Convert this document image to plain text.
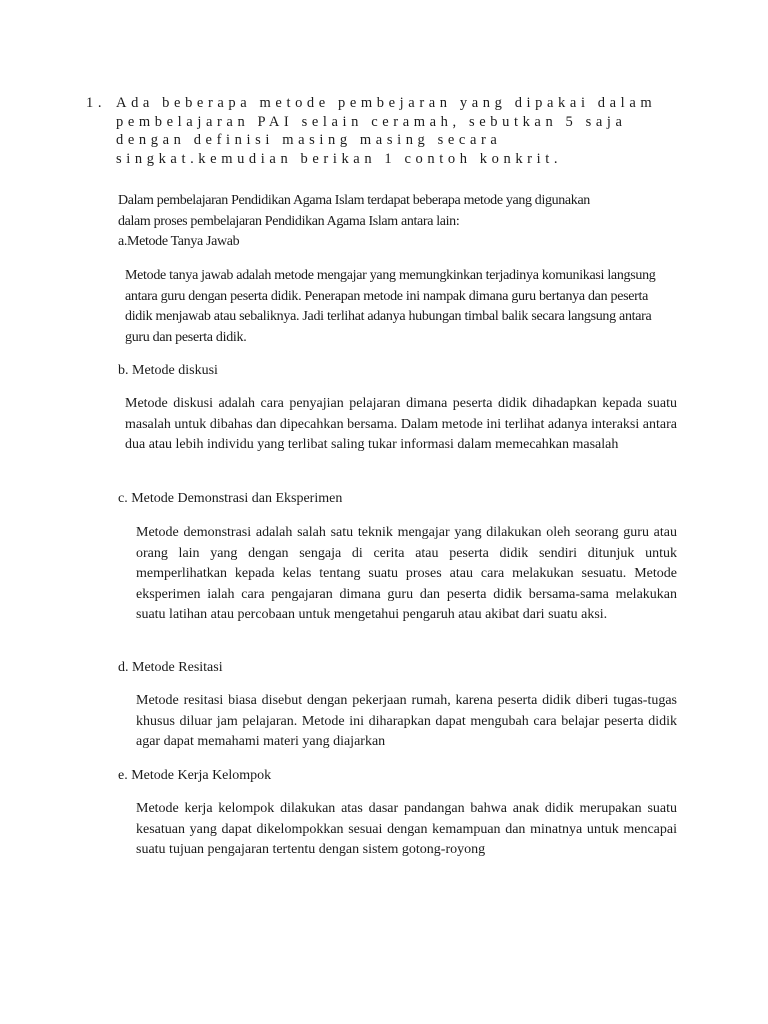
1. Ada beberapa metode pembejaran yang dipakai dalam pembelajaran PAI selain ceramah, sebutkan 5 saja dengan definisi masing masing secara singkat.kemudian berikan 1 contoh konkrit.
Dalam pembelajaran Pendidikan Agama Islam terdapat beberapa metode yang digunakan
dalam proses pembelajaran Pendidikan Agama Islam antara lain:
a.Metode Tanya Jawab
Metode tanya jawab adalah metode mengajar yang memungkinkan terjadinya komunikasi langsung antara guru dengan peserta didik. Penerapan metode ini nampak dimana guru bertanya dan peserta didik menjawab atau sebaliknya. Jadi terlihat adanya hubungan timbal balik secara langsung antara guru dan peserta didik.
b. Metode diskusi
Metode diskusi adalah cara penyajian pelajaran dimana peserta didik dihadapkan kepada suatu masalah untuk dibahas dan dipecahkan bersama. Dalam metode ini terlihat adanya interaksi antara dua atau lebih individu yang terlibat saling tukar informasi dalam memecahkan masalah
c. Metode Demonstrasi dan Eksperimen
Metode demonstrasi adalah salah satu teknik mengajar yang dilakukan oleh seorang guru atau orang lain yang dengan sengaja di cerita atau peserta didik sendiri ditunjuk untuk memperlihatkan kepada kelas tentang suatu proses atau cara melakukan sesuatu. Metode eksperimen ialah cara pengajaran dimana guru dan peserta didik bersama-sama melakukan suatu latihan atau percobaan untuk mengetahui pengaruh atau akibat dari suatu aksi.
d. Metode Resitasi
Metode resitasi biasa disebut dengan pekerjaan rumah, karena peserta didik diberi tugas-tugas khusus diluar jam pelajaran. Metode ini diharapkan dapat mengubah cara belajar peserta didik agar dapat memahami materi yang diajarkan
e. Metode Kerja Kelompok
Metode kerja kelompok dilakukan atas dasar pandangan bahwa anak didik merupakan suatu kesatuan yang dapat dikelompokkan sesuai dengan kemampuan dan minatnya untuk mencapai suatu tujuan pengajaran tertentu dengan sistem gotong-royong
